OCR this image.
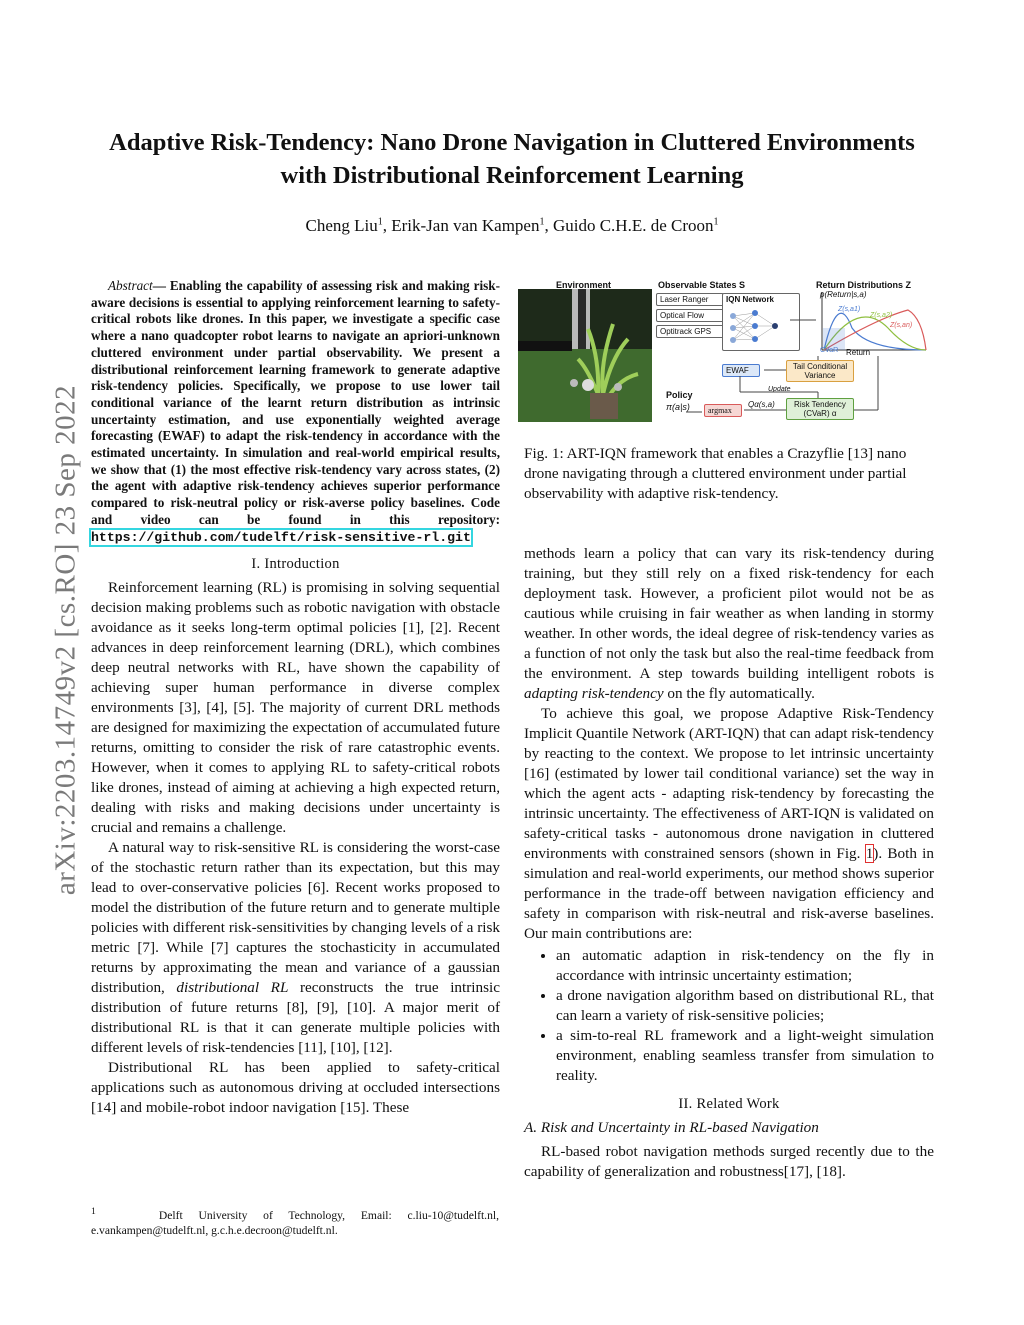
arXiv:2203.14749v2 [cs.RO] 23 Sep 2022
Adaptive Risk-Tendency: Nano Drone Navigation in Cluttered Environments with Distributional Reinforcement Learning
Cheng Liu$^1$, Erik-Jan van Kampen$^1$, Guido C.H.E. de Croon$^1$

Abstract— Enabling the capability of assessing risk and making risk-aware decisions is essential to applying reinforcement learning to safety-critical robots like drones. In this paper, we investigate a specific case where a nano quadcopter robot learns to navigate an apriori-unknown cluttered environment under partial observability. We present a distributional reinforcement learning framework to generate adaptive risk-tendency policies. Specifically, we propose to use lower tail conditional variance of the learnt return distribution as intrinsic uncertainty estimation, and use exponentially weighted average forecasting (EWAF) to adapt the risk-tendency in accordance with the estimated uncertainty. In simulation and real-world empirical results, we show that (1) the most effective risk-tendency vary across states, (2) the agent with adaptive risk-tendency achieves superior performance compared to risk-neutral policy or risk-averse policy baselines. Code and video can be found in this repository: https://github.com/tudelft/risk-sensitive-rl.git

I. Introduction

Reinforcement learning (RL) is promising in solving sequential decision making problems such as robotic navigation with obstacle avoidance as it seeks long-term optimal policies [1], [2]. Recent advances in deep reinforcement learning (DRL), which combines deep neutral networks with RL, have shown the capability of achieving super human performance in diverse complex environments [3], [4], [5]. The majority of current DRL methods are designed for maximizing the expectation of accumulated future returns, omitting to consider the risk of rare catastrophic events. However, when it comes to applying RL to safety-critical robots like drones, instead of aiming at achieving a high expected return, dealing with risks and making decisions under uncertainty is crucial and remains a challenge.

A natural way to risk-sensitive RL is considering the worst-case of the stochastic return rather than its expectation, but this may lead to over-conservative policies [6]. Recent works proposed to model the distribution of the future return and to generate multiple policies with different risk-sensitivities by changing levels of a risk metric [7]. While [7] captures the stochasticity in accumulated returns by approximating the mean and variance of a gaussian distribution, distributional RL reconstructs the true intrinsic distribution of future returns [8], [9], [10]. A major merit of distributional RL is that it can generate multiple policies with different levels of risk-tendencies [11], [10], [12].

Distributional RL has been applied to safety-critical applications such as autonomous driving at occluded intersections [14] and mobile-robot indoor navigation [15]. These

$^1$	Delft University of Technology, Email: c.liu-10@tudelft.nl, e.vankampen@tudelft.nl, g.c.h.e.decroon@tudelft.nl.
Environment	Observable States S	Return Distributions Z
Laser Ranger
Optical Flow
Optitrack GPS
IQN Network
p(Return|s,a)
CVaR Return
Z(s,a1)
Z(s,a2)
Z(s,an)
EWAF	Tail Conditional Variance
Update
Policy
π(a|s)	argmax
Qα(s,a)	Risk Tendency (CVaR) α
Fig. 1: ART-IQN framework that enables a Crazyflie [13] nano drone navigating through a cluttered environment under partial observability with adaptive risk-tendency.

methods learn a policy that can vary its risk-tendency during training, but they still rely on a fixed risk-tendency for each deployment task. However, a proficient pilot would not be as cautious while cruising in fair weather as when landing in stormy weather. In other words, the ideal degree of risk-tendency varies as a function of not only the task but also the real-time feedback from the environment. A step towards building intelligent robots is adapting risk-tendency on the fly automatically.

To achieve this goal, we propose Adaptive Risk-Tendency Implicit Quantile Network (ART-IQN) that can adapt risk-tendency by reacting to the context. We propose to let intrinsic uncertainty [16] (estimated by lower tail conditional variance) set the way in which the agent acts - adapting risk-tendency by forecasting the intrinsic uncertainty. The effectiveness of ART-IQN is validated on safety-critical tasks - autonomous drone navigation in cluttered environments with constrained sensors (shown in Fig. 1). Both in simulation and real-world experiments, our method shows superior performance in the trade-off between navigation efficiency and safety in comparison with risk-neutral and risk-averse baselines. Our main contributions are:

• an automatic adaption in risk-tendency on the fly in accordance with intrinsic uncertainty estimation;
• a drone navigation algorithm based on distributional RL, that can learn a variety of risk-sensitive policies;
• a sim-to-real RL framework and a light-weight simulation environment, enabling seamless transfer from simulation to reality.
II. Related Work
A. Risk and Uncertainty in RL-based Navigation

RL-based robot navigation methods surged recently due to the capability of generalization and robustness[17], [18].
